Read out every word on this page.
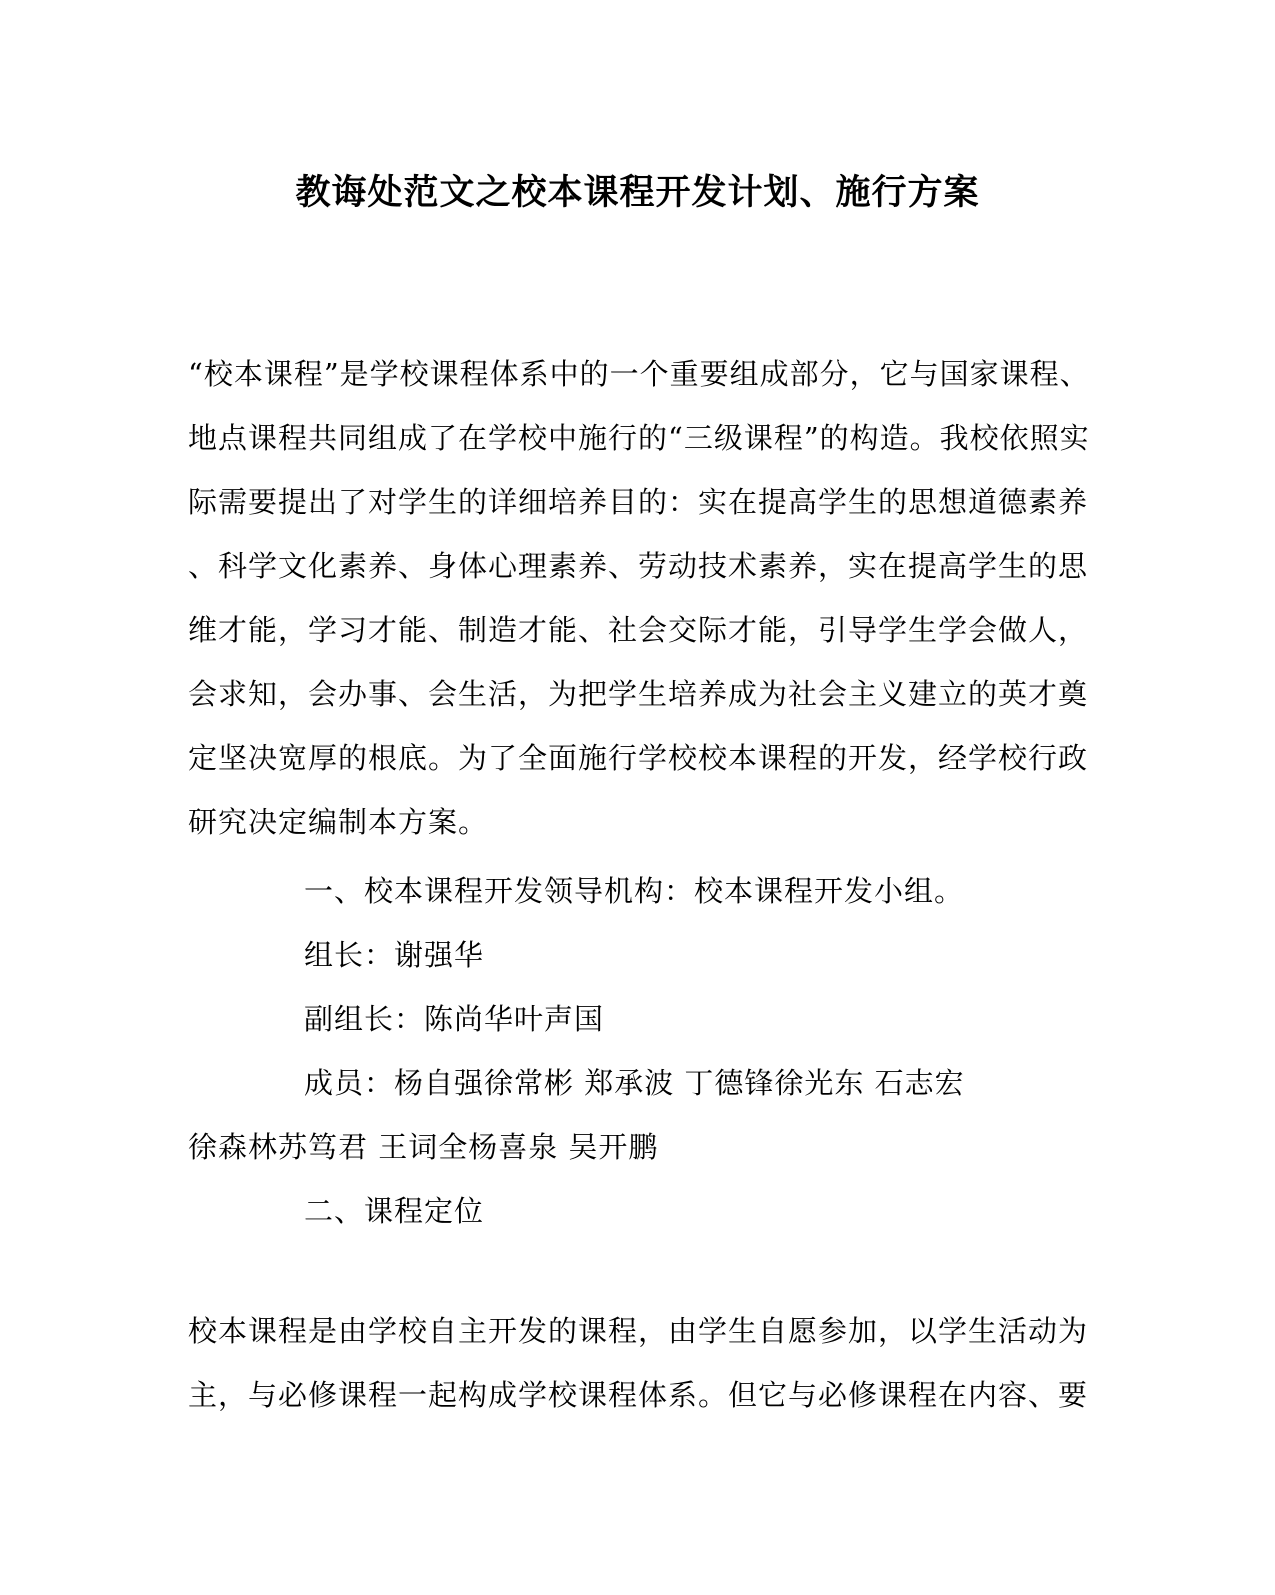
教诲处范文之校本课程开发计划、施行方案
“校本课程”是学校课程体系中的一个重要组成部分，它与国家课程、
地点课程共同组成了在学校中施行的“三级课程”的构造。我校依照实
际需要提出了对学生的详细培养目的：实在提高学生的思想道德素养
、科学文化素养、身体心理素养、劳动技术素养，实在提高学生的思
维才能，学习才能、制造才能、社会交际才能，引导学生学会做人，
会求知，会办事、会生活，为把学生培养成为社会主义建立的英才奠
定坚决宽厚的根底。为了全面施行学校校本课程的开发，经学校行政
研究决定编制本方案。
一、校本课程开发领导机构：校本课程开发小组。
组长：谢强华
副组长：陈尚华叶声国
成员：杨自强徐常彬 郑承波 丁德锋徐光东 石志宏
徐森林苏笃君 王词全杨喜泉 吴开鹏
二、课程定位
校本课程是由学校自主开发的课程，由学生自愿参加，以学生活动为
主，与必修课程一起构成学校课程体系。但它与必修课程在内容、要
